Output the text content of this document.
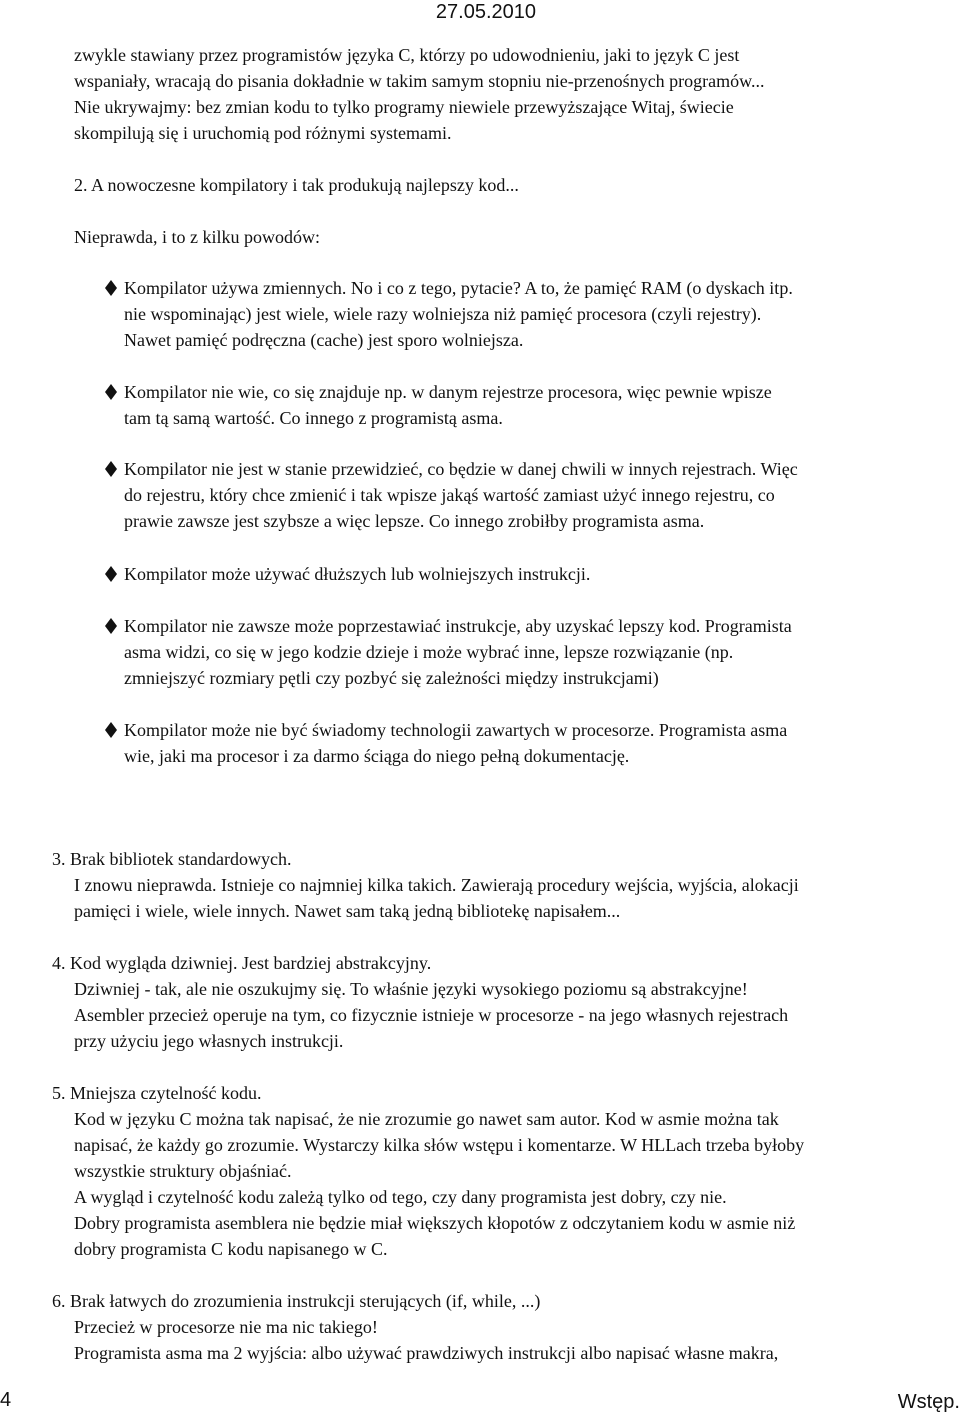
27.05.2010
zwykle stawiany przez programistów języka C, którzy po udowodnieniu, jaki to język C jest
wspaniały, wracają do pisania dokładnie w takim samym stopniu nie-przenośnych programów...
Nie ukrywajmy: bez zmian kodu to tylko programy niewiele przewyższające Witaj, świecie
skompilują się i uruchomią pod różnymi systemami.
2. A nowoczesne kompilatory i tak produkują najlepszy kod...
Nieprawda, i to z kilku powodów:

Kompilator używa zmiennych. No i co z tego, pytacie? A to, że pamięć RAM (o dyskach itp.

nie wspominając) jest wiele, wiele razy wolniejsza niż pamięć procesora (czyli rejestry).

Nawet pamięć podręczna (cache) jest sporo wolniejsza.

Kompilator nie wie, co się znajduje np. w danym rejestrze procesora, więc pewnie wpisze

tam tą samą wartość. Co innego z programistą asma.

Kompilator nie jest w stanie przewidzieć, co będzie w danej chwili w innych rejestrach. Więc

do rejestru, który chce zmienić i tak wpisze jakąś wartość zamiast użyć innego rejestru, co

prawie zawsze jest szybsze a więc lepsze. Co innego zrobiłby programista asma.

Kompilator może używać dłuższych lub wolniejszych instrukcji.

Kompilator nie zawsze może poprzestawiać instrukcje, aby uzyskać lepszy kod. Programista

asma widzi, co się w jego kodzie dzieje i może wybrać inne, lepsze rozwiązanie (np.

zmniejszyć rozmiary pętli czy pozbyć się zależności między instrukcjami)

Kompilator może nie być świadomy technologii zawartych w procesorze. Programista asma

wie, jaki ma procesor i za darmo ściąga do niego pełną dokumentację.

3. Brak bibliotek standardowych.

I znowu nieprawda. Istnieje co najmniej kilka takich. Zawierają procedury wejścia, wyjścia, alokacji

pamięci i wiele, wiele innych. Nawet sam taką jedną bibliotekę napisałem...

4. Kod wygląda dziwniej. Jest bardziej abstrakcyjny.

Dziwniej - tak, ale nie oszukujmy się. To właśnie języki wysokiego poziomu są abstrakcyjne!

Asembler przecież operuje na tym, co fizycznie istnieje w procesorze - na jego własnych rejestrach

przy użyciu jego własnych instrukcji.

5. Mniejsza czytelność kodu.

Kod w języku C można tak napisać, że nie zrozumie go nawet sam autor. Kod w asmie można tak

napisać, że każdy go zrozumie. Wystarczy kilka słów wstępu i komentarze. W HLLach trzeba byłoby

wszystkie struktury objaśniać.

A wygląd i czytelność kodu zależą tylko od tego, czy dany programista jest dobry, czy nie.

Dobry programista asemblera nie będzie miał większych kłopotów z odczytaniem kodu w asmie niż

dobry programista C kodu napisanego w C.

6. Brak łatwych do zrozumienia instrukcji sterujących (if, while, ...)

Przecież w procesorze nie ma nic takiego!

Programista asma ma 2 wyjścia: albo używać prawdziwych instrukcji albo napisać własne makra,

4	Wstęp.
